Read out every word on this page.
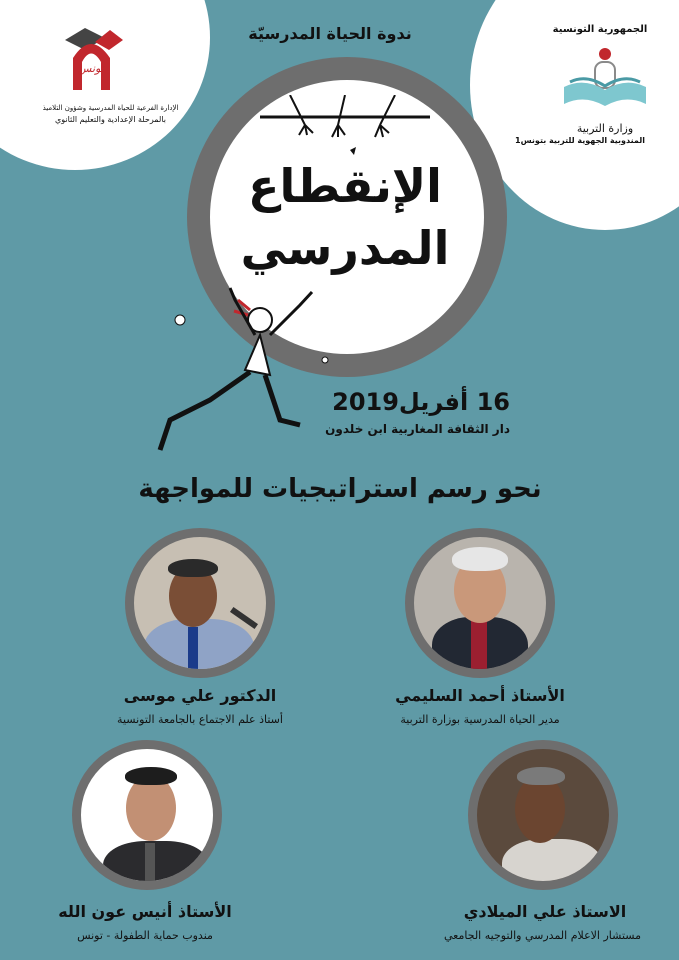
تونس
الإدارة الفرعية للحياة المدرسية وشؤون التلاميذ
بالمرحلة الإعدادية والتعليم الثانوي
الجمهورية التونسية
وزارة التربية
المندوبية الجهوية للتربية بتونس1
ندوة الحياة المدرسيّة
الإنقطاع
المدرسي
16 أفريل2019
دار الثقافة المغاربية ابن خلدون
نحو رسم استراتيجيات للمواجهة
الأستاذ أحمد السليمي
مدير الحياة المدرسية بوزارة التربية
الدكتور علي موسى
أستاذ علم الاجتماع بالجامعة التونسية
الاستاذ علي الميلادي
مستشار الاعلام المدرسي والتوجيه الجامعي
الأستاذ أنيس عون الله
مندوب حماية الطفولة - تونس
